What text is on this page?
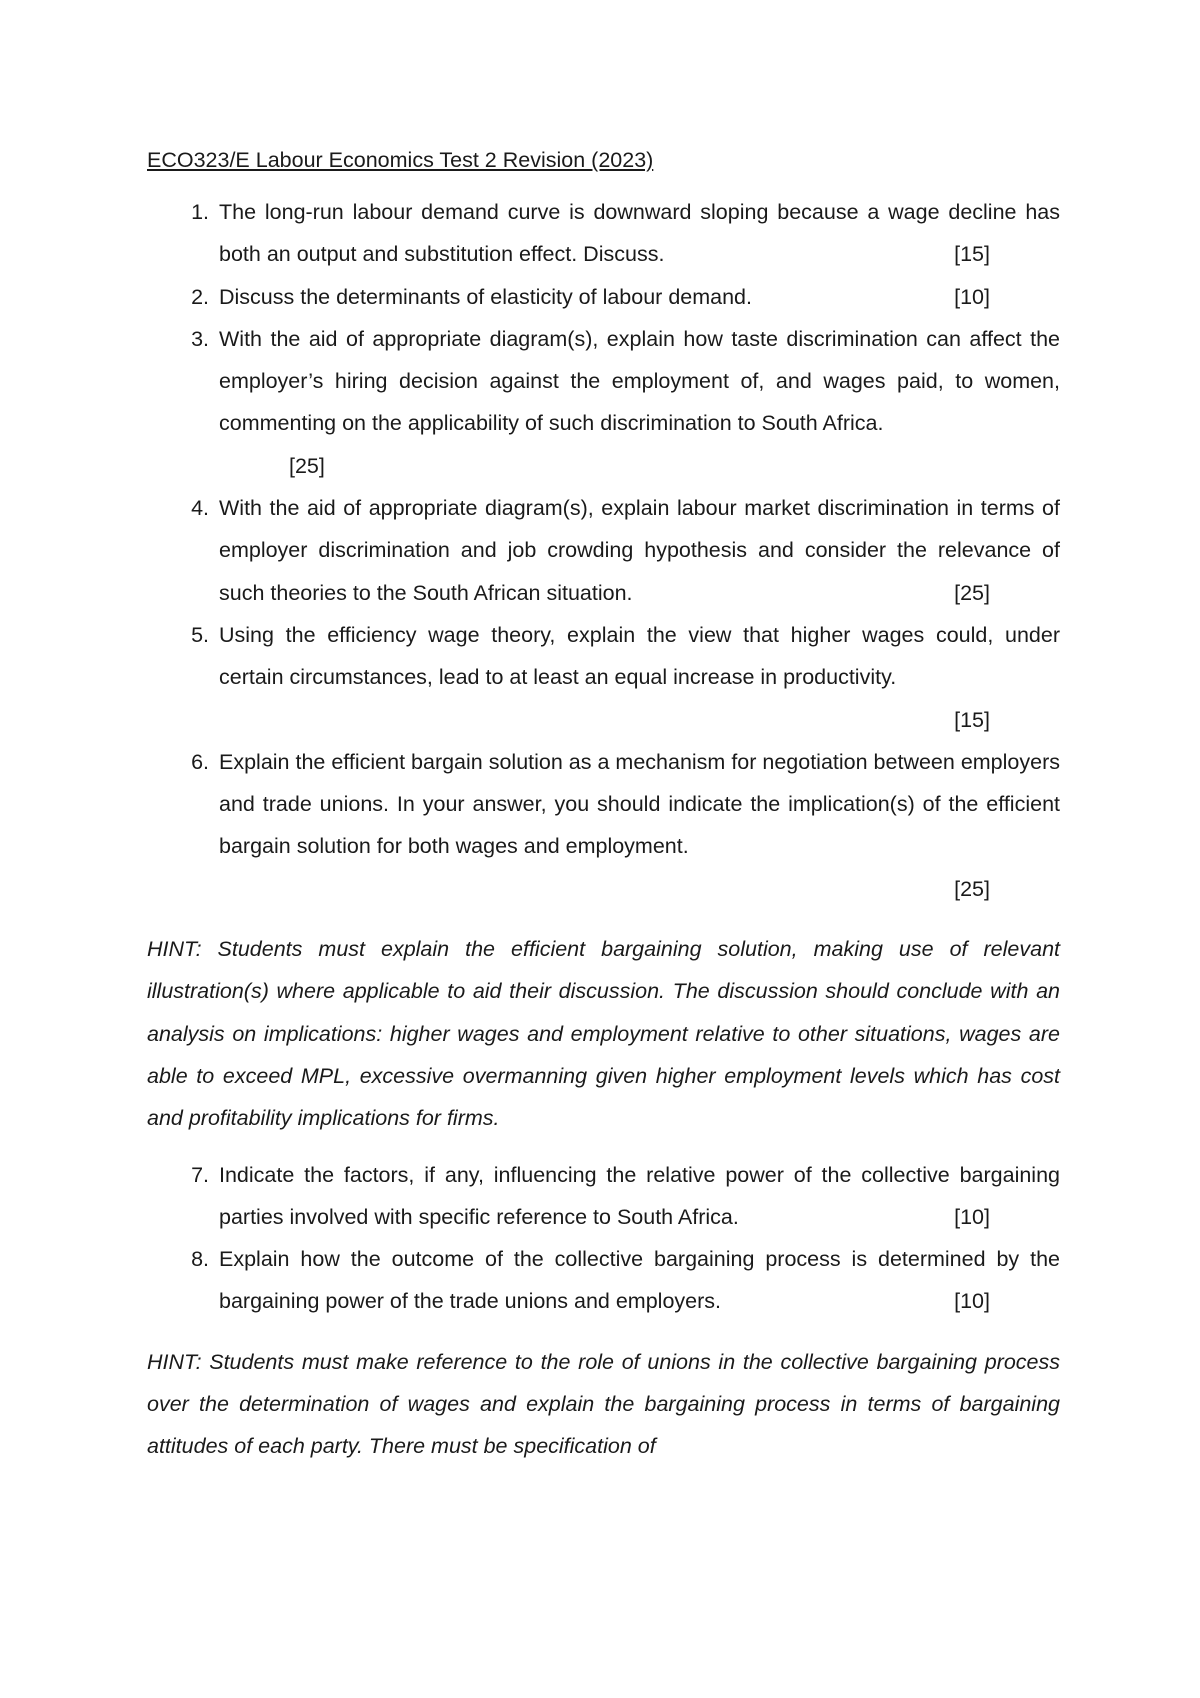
ECO323/E Labour Economics Test 2 Revision (2023)
1. The long-run labour demand curve is downward sloping because a wage decline has both an output and substitution effect. Discuss.	[15]
2. Discuss the determinants of elasticity of labour demand.	[10]
3. With the aid of appropriate diagram(s), explain how taste discrimination can affect the employer’s hiring decision against the employment of, and wages paid, to women, commenting on the applicability of such discrimination to South Africa.
[25]
4. With the aid of appropriate diagram(s), explain labour market discrimination in terms of employer discrimination and job crowding hypothesis and consider the relevance of such theories to the South African situation.	[25]
5. Using the efficiency wage theory, explain the view that higher wages could, under certain circumstances, lead to at least an equal increase in productivity.
[15]
6. Explain the efficient bargain solution as a mechanism for negotiation between employers and trade unions. In your answer, you should indicate the implication(s) of the efficient bargain solution for both wages and employment.
[25]

HINT: Students must explain the efficient bargaining solution, making use of relevant illustration(s) where applicable to aid their discussion. The discussion should conclude with an analysis on implications: higher wages and employment relative to other situations, wages are able to exceed MPL, excessive overmanning given higher employment levels which has cost and profitability implications for firms.

7. Indicate the factors, if any, influencing the relative power of the collective bargaining parties involved with specific reference to South Africa.	[10]
8. Explain how the outcome of the collective bargaining process is determined by the bargaining power of the trade unions and employers.	[10]

HINT: Students must make reference to the role of unions in the collective bargaining process over the determination of wages and explain the bargaining process in terms of bargaining attitudes of each party. There must be specification of
